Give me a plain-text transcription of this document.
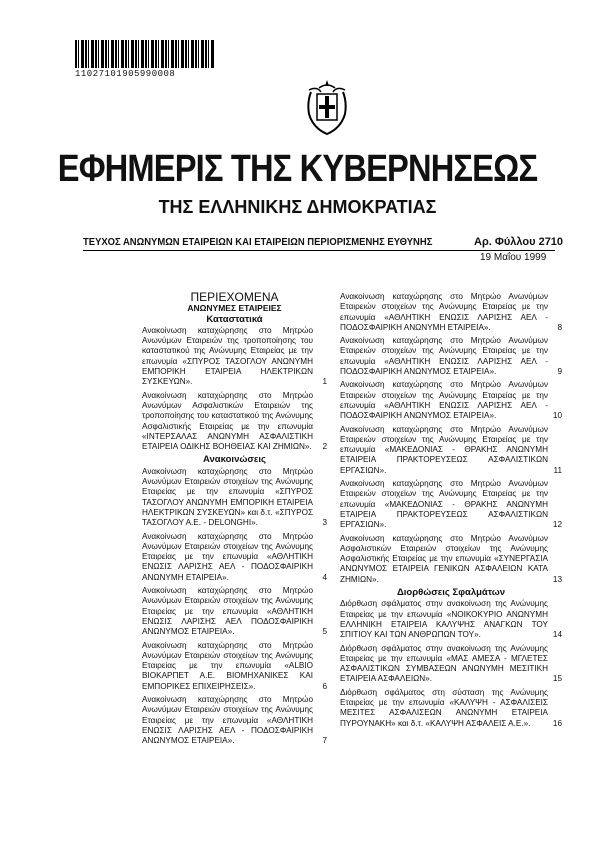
11027101905990008
ΕΦΗΜΕΡΙΣ ΤΗΣ ΚΥΒΕΡΝΗΣΕΩΣ
ΤΗΣ ΕΛΛΗΝΙΚΗΣ ΔΗΜΟΚΡΑΤΙΑΣ
ΤΕΥΧΟΣ ΑΝΩΝΥΜΩΝ ΕΤΑΙΡΕΙΩΝ ΚΑΙ ΕΤΑΙΡΕΙΩΝ ΠΕΡΙΟΡΙΣΜΕΝΗΣ ΕΥΘΥΝΗΣ	Αρ. Φύλλου 2710
19 Μαΐου 1999
ΠΕΡΙΕΧΟΜΕΝΑ
ΑΝΩΝΥΜΕΣ ΕΤΑΙΡΕΙΕΣ
Καταστατικά
Ανακοίνωση καταχώρησης στο Μητρώο Ανωνύμων Εταιρειών της τροποποίησης του καταστατικού της Ανώνυμης Εταιρείας με την επωνυμία «ΣΠΥΡΟΣ ΤΑΣΟΓΛΟΥ ΑΝΩΝΥΜΗ ΕΜΠΟΡΙΚΗ ΕΤΑΙΡΕΙΑ ΗΛΕΚΤΡΙΚΩΝ ΣΥΣΚΕΥΩΝ».	1
Ανακοίνωση καταχώρησης στο Μητρώο Ανωνύμων Ασφαλιστικών Εταιρειών της τροποποίησης του καταστατικού της Ανώνυμης Ασφαλιστικής Εταιρείας με την επωνυμία «ΙΝΤΕΡΣΑΛΑΣ ΑΝΩΝΥΜΗ ΑΣΦΑΛΙΣΤΙΚΗ ΕΤΑΙΡΕΙΑ ΟΔΙΚΗΣ ΒΟΗΘΕΙΑΣ ΚΑΙ ΖΗΜΙΩΝ». 2
Ανακοινώσεις
Ανακοίνωση καταχώρησης στο Μητρώο Ανωνύμων Εταιρειών στοιχείων της Ανώνυμης Εταιρείας με την επωνυμία «ΣΠΥΡΟΣ ΤΑΣΟΓΛΟΥ ΑΝΩΝΥΜΗ ΕΜΠΟΡΙΚΗ ΕΤΑΙΡΕΙΑ ΗΛΕΚΤΡΙΚΩΝ ΣΥΣΚΕΥΩΝ» και δ.τ. «ΣΠΥΡΟΣ ΤΑΣΟΓΛΟΥ Α.Ε. - DELONGHI».	3
Ανακοίνωση καταχώρησης στο Μητρώο Ανωνύμων Εταιρειών στοιχείων της Ανώνυμης Εταιρείας με την επωνυμία «ΑΘΛΗΤΙΚΗ ΕΝΩΣΙΣ ΛΑΡΙΣΗΣ ΑΕΛ - ΠΟΔΟΣΦΑΙΡΙΚΗ ΑΝΩΝΥΜΗ ΕΤΑΙΡΕΙΑ».	4
Ανακοίνωση καταχώρησης στο Μητρώο Ανωνύμων Εταιρειών στοιχείων της Ανώνυμης Εταιρείας με την επωνυμία «ΑΘΛΗΤΙΚΗ ΕΝΩΣΙΣ ΛΑΡΙΣΗΣ ΑΕΛ ΠΟΔΟΣΦΑΙΡΙΚΗ ΑΝΩΝΥΜΟΣ ΕΤΑΙΡΕΙΑ».	5
Ανακοίνωση καταχώρησης στο Μητρώο Ανωνύμων Εταιρειών στοιχείων της Ανώνυμης Εταιρείας με την επωνυμία «ALBIO ΒΙΟΚΑΡΠΕΤ Α.Ε. ΒΙΟΜΗΧΑΝΙΚΕΣ ΚΑΙ ΕΜΠΟΡΙΚΕΣ ΕΠΙΧΕΙΡΗΣΕΙΣ».	6
Ανακοίνωση καταχώρησης στο Μητρώο Ανωνύμων Εταιρειών στοιχείων της Ανώνυμης Εταιρείας με την επωνυμία «ΑΘΛΗΤΙΚΗ ΕΝΩΣΙΣ ΛΑΡΙΣΗΣ ΑΕΛ - ΠΟΔΟΣΦΑΙΡΙΚΗ ΑΝΩΝΥΜΟΣ ΕΤΑΙΡΕΙΑ».	7
Ανακοίνωση καταχώρησης στο Μητρώο Ανωνύμων Εταιρειών στοιχείων της Ανώνυμης Εταιρείας με την επωνυμία «ΑΘΛΗΤΙΚΗ ΕΝΩΣΙΣ ΛΑΡΙΣΗΣ ΑΕΛ - ΠΟΔΟΣΦΑΙΡΙΚΗ ΑΝΩΝΥΜΗ ΕΤΑΙΡΕΙΑ».	8
Ανακοίνωση καταχώρησης στο Μητρώο Ανωνύμων Εταιρειών στοιχείων της Ανώνυμης Εταιρείας με την επωνυμία «ΑΘΛΗΤΙΚΗ ΕΝΩΣΙΣ ΛΑΡΙΣΗΣ ΑΕΛ - ΠΟΔΟΣΦΑΙΡΙΚΗ ΑΝΩΝΥΜΟΣ ΕΤΑΙΡΕΙΑ».	9
Ανακοίνωση καταχώρησης στο Μητρώο Ανωνύμων Εταιρειών στοιχείων της Ανώνυμης Εταιρείας με την επωνυμία «ΑΘΛΗΤΙΚΗ ΕΝΩΣΙΣ ΛΑΡΙΣΗΣ ΑΕΛ - ΠΟΔΟΣΦΑΙΡΙΚΗ ΑΝΩΝΥΜΟΣ ΕΤΑΙΡΕΙΑ».	10
Ανακοίνωση καταχώρησης στο Μητρώο Ανωνύμων Εταιρειών στοιχείων της Ανώνυμης Εταιρείας με την επωνυμία «ΜΑΚΕΔΟΝΙΑΣ - ΘΡΑΚΗΣ ΑΝΩΝΥΜΗ ΕΤΑΙΡΕΙΑ ΠΡΑΚΤΟΡΕΥΣΕΩΣ ΑΣΦΑΛΙΣΤΙΚΩΝ ΕΡΓΑΣΙΩΝ».	11
Ανακοίνωση καταχώρησης στο Μητρώο Ανωνύμων Εταιρειών στοιχείων της Ανώνυμης Εταιρείας με την επωνυμία «ΜΑΚΕΔΟΝΙΑΣ - ΘΡΑΚΗΣ ΑΝΩΝΥΜΗ ΕΤΑΙΡΕΙΑ ΠΡΑΚΤΟΡΕΥΣΕΩΣ ΑΣΦΑΛΙΣΤΙΚΩΝ ΕΡΓΑΣΙΩΝ».	12
Ανακοίνωση καταχώρησης στο Μητρώο Ανωνύμων Ασφαλιστικών Εταιρειών στοιχείων της Ανώνυμης Ασφαλιστικής Εταιρείας με την επωνυμία «ΣΥΝΕΡΓΑΣΙΑ ΑΝΩΝΥΜΟΣ ΕΤΑΙΡΕΙΑ ΓΕΝΙΚΩΝ ΑΣΦΑΛΕΙΩΝ ΚΑΤΑ ΖΗΜΙΩΝ».	13
Διορθώσεις Σφαλμάτων
Διόρθωση σφάλματος στην ανακοίνωση της Ανώνυμης Εταιρείας με την επωνυμία «ΝΟΙΚΟΚΥΡΙΟ ΑΝΩΝΥΜΗ ΕΛΛΗΝΙΚΗ ΕΤΑΙΡΕΙΑ ΚΑΛΥΨΗΣ ΑΝΑΓΚΩΝ ΤΟΥ ΣΠΙΤΙΟΥ ΚΑΙ ΤΩΝ ΑΝΘΡΩΠΩΝ ΤΟΥ».	14
Διόρθωση σφάλματος στην ανακοίνωση της Ανώνυμης Εταιρείας με την επωνυμία «ΜΑΣ ΑΜΕΣΑ - ΜΓΛΕΤΕΣ ΑΣΦΑΛΙΣΤΙΚΩΝ ΣΥΜΒΑΣΕΩΝ ΑΝΩΝΥΜΗ ΜΕΣΙΤΙΚΗ ΕΤΑΙΡΕΙΑ ΑΣΦΑΛΕΙΩΝ».	15
Διόρθωση σφάλματος στη σύσταση της Ανώνυμης Εταιρείας με την επωνυμία «ΚΑΛΥΨΗ - ΑΣΦΑΛΙΣΕΙΣ ΜΕΣΙΤΕΣ ΑΣΦΑΛΙΣΕΩΝ ΑΝΩΝΥΜΗ ΕΤΑΙΡΕΙΑ ΠΥΡΟΥΝΑΚΗ» και δ.τ. «ΚΑΛΥΨΗ ΑΣΦΑΛΕΙΣ Α.Ε.».	16
